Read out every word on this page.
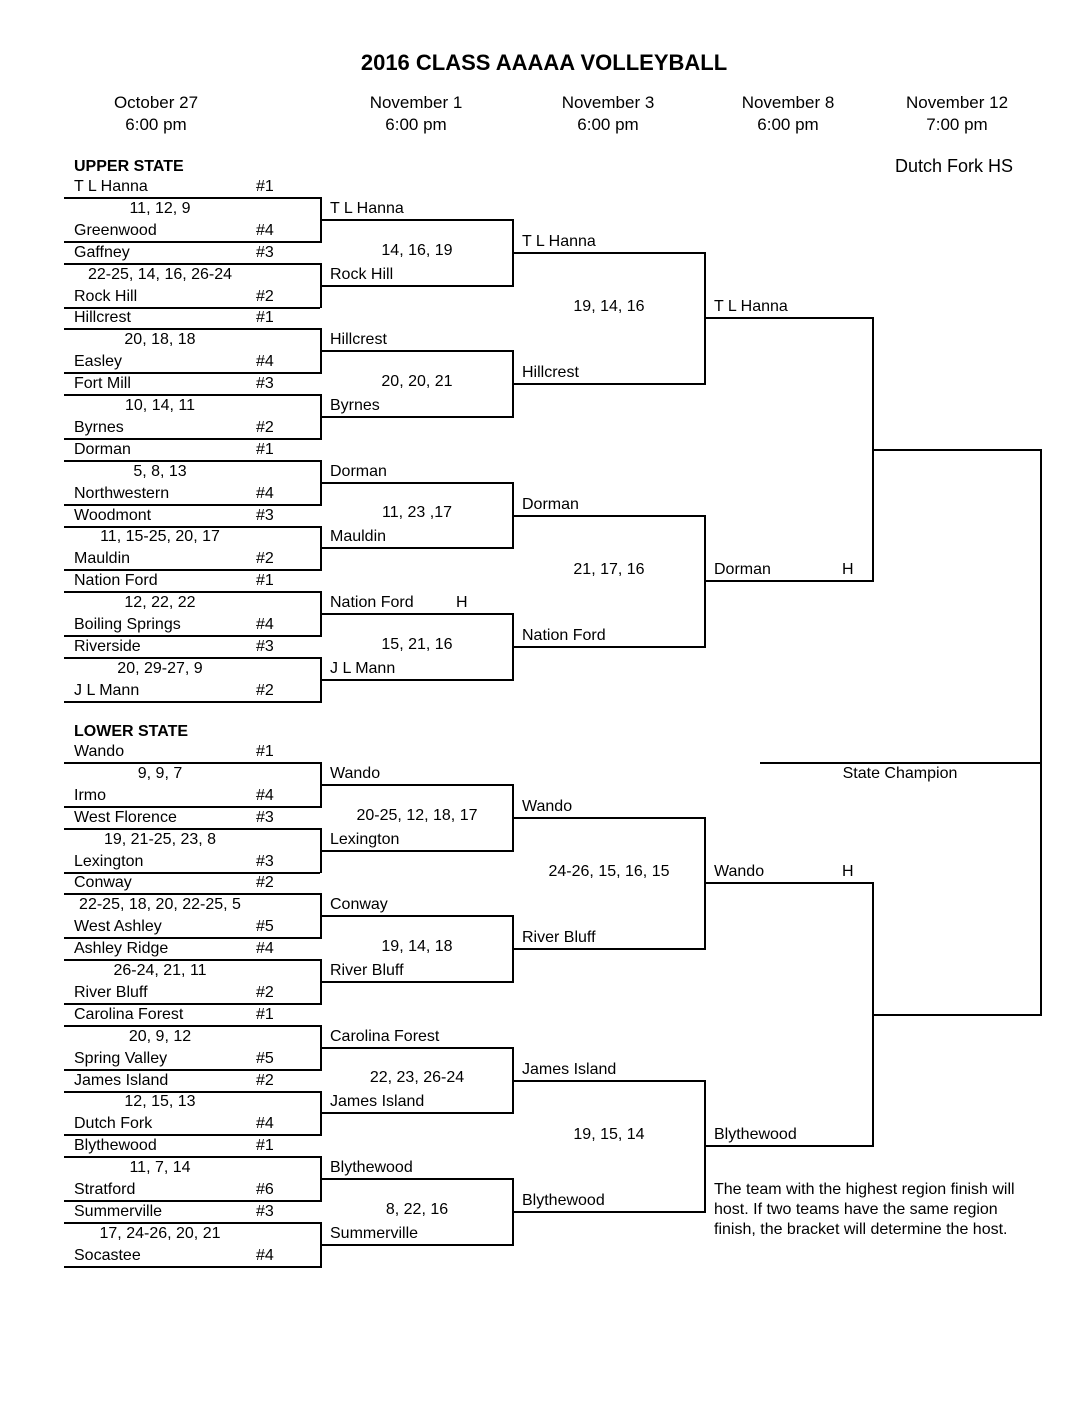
2016 CLASS AAAAA VOLLEYBALL
October 27
6:00 pm
November 1
6:00 pm
November 3
6:00 pm
November 8
6:00 pm
November 12
7:00 pm
Dutch Fork HS
UPPER STATE
LOWER STATE
T L Hanna	#1
11, 12, 9
Greenwood	#4
Gaffney	#3
22-25, 14, 16, 26-24
Rock Hill	#2
Hillcrest	#1
20, 18, 18
Easley	#4
Fort Mill	#3
10, 14, 11
Byrnes	#2
Dorman	#1
5, 8, 13
Northwestern	#4
Woodmont	#3
11, 15-25, 20, 17
Mauldin	#2
Nation Ford	#1
12, 22, 22
Boiling Springs	#4
Riverside	#3
20, 29-27, 9
J L Mann	#2
T L Hanna
14, 16, 19
Rock Hill
Hillcrest
20, 20, 21
Byrnes
Dorman
11, 23 ,17
Mauldin
Nation Ford	H
15, 21, 16
J L Mann
T L Hanna
19, 14, 16
Hillcrest
Dorman
21, 17, 16
Nation Ford
T L Hanna
Dorman	H
Wando	#1
9, 9, 7
Irmo	#4
West Florence	#3
19, 21-25, 23, 8
Lexington	#3
Conway	#2
22-25, 18, 20, 22-25, 5
West Ashley	#5
Ashley Ridge	#4
26-24, 21, 11
River Bluff	#2
Carolina Forest	#1
20, 9, 12
Spring Valley	#5
James Island	#2
12, 15, 13
Dutch Fork	#4
Blythewood	#1
11, 7, 14
Stratford	#6
Summerville	#3
17, 24-26, 20, 21
Socastee	#4
Wando
20-25, 12, 18, 17
Lexington
Conway
19, 14, 18
River Bluff
Carolina Forest
22, 23, 26-24
James Island
Blythewood
8, 22, 16
Summerville
Wando
24-26, 15, 16, 15
River Bluff
James Island
19, 15, 14
Blythewood
Wando	H
Blythewood
State Champion
The team with the highest region finish will host. If two teams have the same region finish, the bracket will determine the host.
